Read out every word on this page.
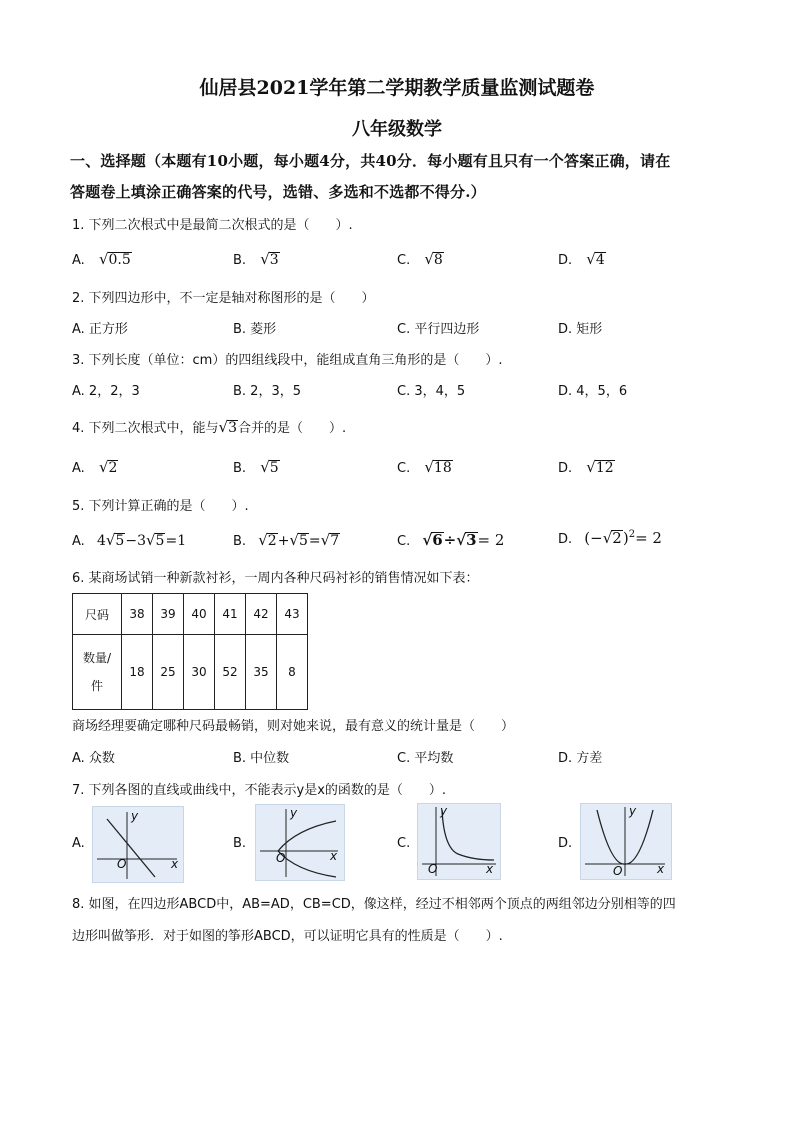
仙居县2021学年第二学期教学质量监测试题卷
八年级数学
一、选择题（本题有10小题，每小题4分，共40分．每小题有且只有一个答案正确，请在
答题卷上填涂正确答案的代号，选错、多选和不选都不得分.）
1. 下列二次根式中是最简二次根式的是（　　）.
A. √0.5	B. √3	C. √8	D. √4
2. 下列四边形中，不一定是轴对称图形的是（　　）
A. 正方形	B. 菱形	C. 平行四边形	D. 矩形
3. 下列长度（单位：cm）的四组线段中，能组成直角三角形的是（　　）.
A. 2，2，3	B. 2，3，5	C. 3，4，5	D. 4，5，6
4. 下列二次根式中，能与√3合并的是（　　）.
A. √2	B. √5	C. √18	D. √12
5. 下列计算正确的是（　　）.
A. 4√5−3√5=1	B. √2+√5=√7	C. √6÷√3= 2	D. $(-√2)^2= 2$
6. 某商场试销一种新款衬衫，一周内各种尺码衬衫的销售情况如下表：
尺码	38	39	40	41	42	43

数量/
件	18	25	30	52	35	8
商场经理要确定哪种尺码最畅销，则对她来说，最有意义的统计量是（　　）
A. 众数	B. 中位数	C. 平均数	D. 方差
7. 下列各图的直线或曲线中，不能表示y是x的函数的是（　　）.
A.
y
x
O
B.
y
x
O
C.
y
x
O
D.
y
x
O
8. 如图，在四边形ABCD中，AB=AD，CB=CD，像这样，经过不相邻两个顶点的两组邻边分别相等的四
边形叫做筝形．对于如图的筝形ABCD，可以证明它具有的性质是（　　）.
